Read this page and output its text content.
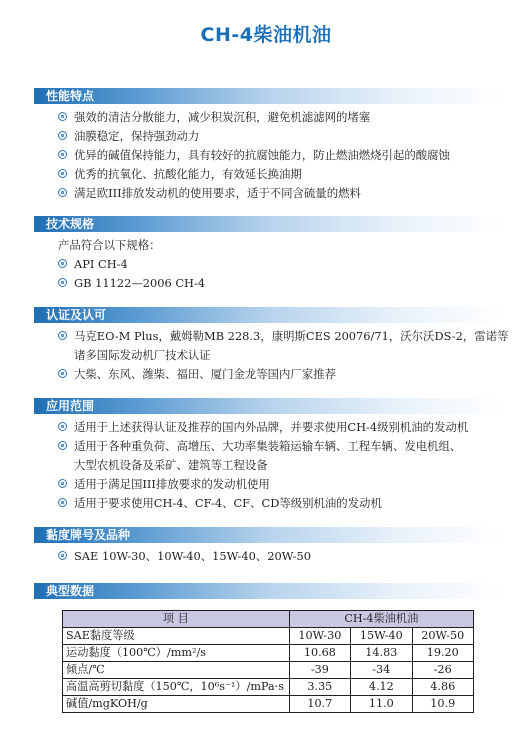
CH-4柴油机油
性能特点
强效的清洁分散能力，减少积炭沉积，避免机滤滤网的堵塞
油膜稳定，保持强劲动力
优异的碱值保持能力，具有较好的抗腐蚀能力，防止燃油燃烧引起的酸腐蚀
优秀的抗氧化、抗酸化能力，有效延长换油期
满足欧III排放发动机的使用要求，适于不同含硫量的燃料
技术规格
产品符合以下规格：
API CH-4
GB 11122—2006 CH-4
认证及认可
马克EO-M Plus，戴姆勒MB 228.3，康明斯CES 20076/71，沃尔沃DS-2，雷诺等
诸多国际发动机厂技术认证
大柴、东风、潍柴、福田、厦门金龙等国内厂家推荐
应用范围
适用于上述获得认证及推荐的国内外品牌，并要求使用CH-4级别机油的发动机
适用于各种重负荷、高增压、大功率集装箱运输车辆、工程车辆、发电机组、
大型农机设备及采矿、建筑等工程设备
适用于满足国III排放要求的发动机使用
适用于要求使用CH-4、CF-4、CF、CD等级别机油的发动机
黏度牌号及品种
SAE 10W-30、10W-40、15W-40、20W-50
典型数据
项 目	CH-4柴油机油		
SAE黏度等级	10W-30	15W-40	20W-50
运动黏度（100℃）/mm²/s	10.68	14.83	19.20
倾点/℃	-39	-34	-26
高温高剪切黏度（150℃，10⁶s⁻¹）/mPa·s	3.35	4.12	4.86
碱值/mgKOH/g	10.7	11.0	10.9
